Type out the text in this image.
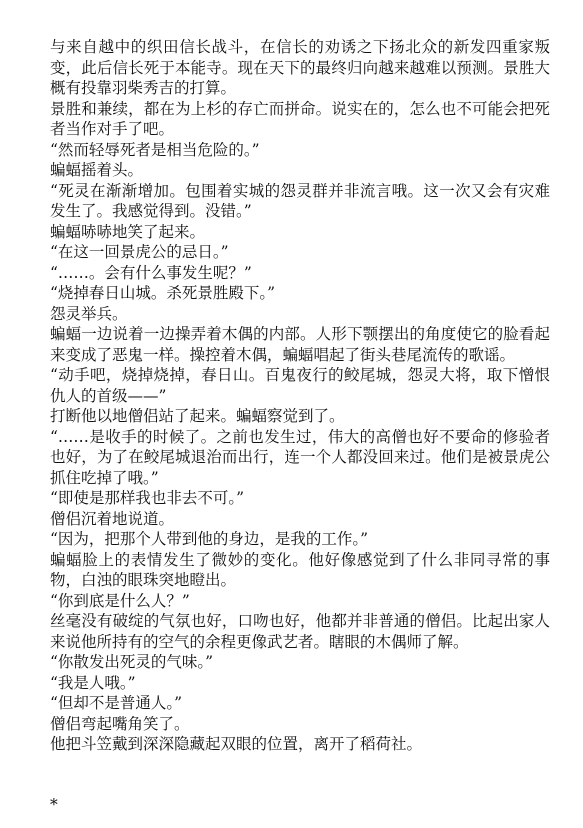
与来自越中的织田信长战斗，在信长的劝诱之下扬北众的新发四重家叛变，此后信长死于本能寺。现在天下的最终归向越来越难以预测。景胜大概有投靠羽柴秀吉的打算。

景胜和兼续，都在为上杉的存亡而拼命。说实在的，怎么也不可能会把死者当作对手了吧。

“然而轻辱死者是相当危险的。”

蝙蝠摇着头。

“死灵在渐渐增加。包围着实城的怨灵群并非流言哦。这一次又会有灾难发生了。我感觉得到。没错。”

蝙蝠哧哧地笑了起来。

“在这一回景虎公的忌日。”

“……。会有什么事发生呢？”

“烧掉春日山城。杀死景胜殿下。”

怨灵举兵。

蝙蝠一边说着一边操弄着木偶的内部。人形下颚摆出的角度使它的脸看起来变成了恶鬼一样。操控着木偶，蝙蝠唱起了街头巷尾流传的歌谣。

“动手吧，烧掉烧掉，春日山。百鬼夜行的鲛尾城，怨灵大将，取下憎恨仇人的首级——”

打断他以地僧侣站了起来。蝙蝠察觉到了。

“……是收手的时候了。之前也发生过，伟大的高僧也好不要命的修验者也好，为了在鲛尾城退治而出行，连一个人都没回来过。他们是被景虎公抓住吃掉了哦。”

“即使是那样我也非去不可。”

僧侣沉着地说道。

“因为，把那个人带到他的身边，是我的工作。”

蝙蝠脸上的表情发生了微妙的变化。他好像感觉到了什么非同寻常的事物，白浊的眼珠突地瞪出。

“你到底是什么人？”

丝毫没有破绽的气氛也好，口吻也好，他都并非普通的僧侣。比起出家人来说他所持有的空气的余程更像武艺者。瞎眼的木偶师了解。

“你散发出死灵的气味。”

“我是人哦。”

“但却不是普通人。”

僧侣弯起嘴角笑了。

他把斗笠戴到深深隐藏起双眼的位置，离开了稻荷社。

*
